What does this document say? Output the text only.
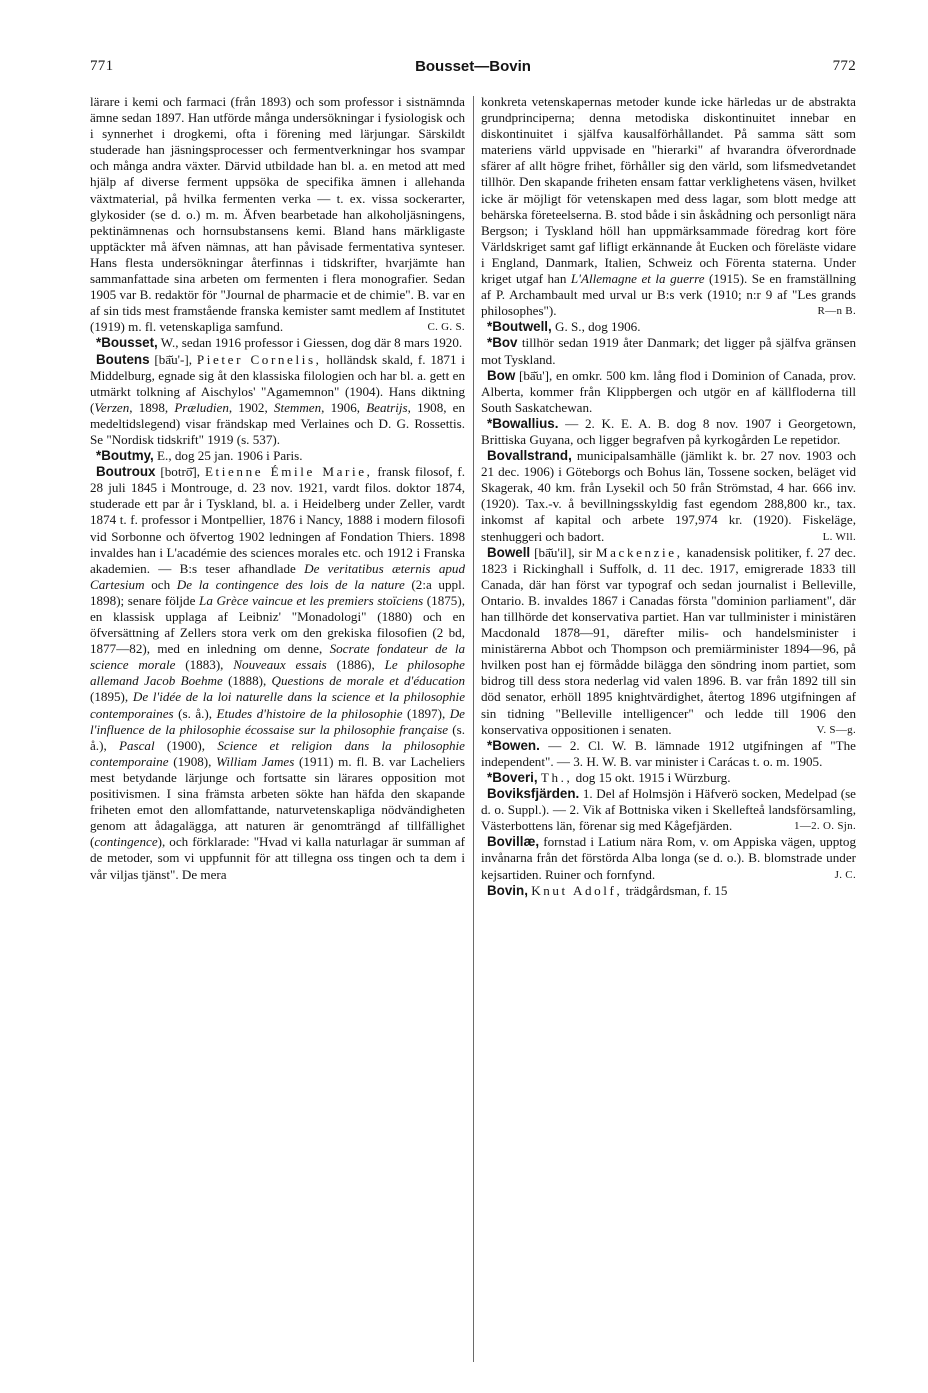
771	Bousset—Bovin	772

lärare i kemi och farmaci (från 1893) och som professor i sistnämnda ämne sedan 1897. Han utförde många undersökningar i fysiologisk och i synnerhet i drogkemi, ofta i förening med lärjungar. Särskildt studerade han jäsningsprocesser och fermentverkningar hos svampar och många andra växter. Därvid utbildade han bl. a. en metod att med hjälp af diverse ferment uppsöka de specifika ämnen i allehanda växtmaterial, på hvilka fermenten verka — t. ex. vissa sockerarter, glykosider (se d. o.) m. m. Äfven bearbetade han alkoholjäsningens, pektinämnenas och hornsubstansens kemi. Bland hans märkligaste upptäckter må äfven nämnas, att han påvisade fermentativa synteser. Hans flesta undersökningar återfinnas i tidskrifter, hvarjämte han sammanfattade sina arbeten om fermenten i flera monografier. Sedan 1905 var B. redaktör för "Journal de pharmacie et de chimie". B. var en af sin tids mest framstående franska kemister samt medlem af Institutet (1919) m. fl. vetenskapliga samfund.	C. G. S.

*Bousset, W., sedan 1916 professor i Giessen, dog där 8 mars 1920.

Boutens [bā̆u'-], Pieter Cornelis, holländsk skald, f. 1871 i Middelburg, egnade sig åt den klassiska filologien och har bl. a. gett en utmärkt tolkning af Aischylos' "Agamemnon" (1904). Hans diktning (Verzen, 1898, Præludien, 1902, Stemmen, 1906, Beatrijs, 1908, en medeltidslegend) visar frändskap med Verlaines och D. G. Rossettis. Se "Nordisk tidskrift" 1919 (s. 537).

*Boutmy, E., dog 25 jan. 1906 i Paris.

Boutroux [botrō̆], Etienne Émile Marie, fransk filosof, f. 28 juli 1845 i Montrouge, d. 23 nov. 1921, vardt filos. doktor 1874, studerade ett par år i Tyskland, bl. a. i Heidelberg under Zeller, vardt 1874 t. f. professor i Montpellier, 1876 i Nancy, 1888 i modern filosofi vid Sorbonne och öfvertog 1902 ledningen af Fondation Thiers. 1898 invaldes han i L'académie des sciences morales etc. och 1912 i Franska akademien. — B:s teser afhandlade De veritatibus æternis apud Cartesium och De la contingence des lois de la nature (2:a uppl. 1898); senare följde La Grèce vaincue et les premiers stoïciens (1875), en klassisk upplaga af Leibniz' "Monadologi" (1880) och en öfversättning af Zellers stora verk om den grekiska filosofien (2 bd, 1877—82), med en inledning om denne, Socrate fondateur de la science morale (1883), Nouveaux essais (1886), Le philosophe allemand Jacob Boehme (1888), Questions de morale et d'éducation (1895), De l'idée de la loi naturelle dans la science et la philosophie contemporaines (s. å.), Etudes d'histoire de la philosophie (1897), De l'influence de la philosophie écossaise sur la philosophie française (s. å.), Pascal (1900), Science et religion dans la philosophie contemporaine (1908), William James (1911) m. fl. B. var Lacheliers mest betydande lärjunge och fortsatte sin lärares opposition mot positivismen. I sina främsta arbeten sökte han häfda den skapande friheten emot den allomfattande, naturvetenskapliga nödvändigheten genom att ådagalägga, att naturen är genomträngd af tillfällighet (contingence), och förklarade: "Hvad vi kalla naturlagar är summan af de metoder, som vi uppfunnit för att tillegna oss tingen och ta dem i vår viljas tjänst". De mera

konkreta vetenskapernas metoder kunde icke härledas ur de abstrakta grundprinciperna; denna metodiska diskontinuitet innebar en diskontinuitet i själfva kausalförhållandet. På samma sätt som materiens värld uppvisade en "hierarki" af hvarandra öfverordnade sfärer af allt högre frihet, förhåller sig den värld, som lifsmedvetandet tillhör. Den skapande friheten ensam fattar verklighetens väsen, hvilket icke är möjligt för vetenskapen med dess lagar, som blott medge att behärska företeelserna. B. stod både i sin åskådning och personligt nära Bergson; i Tyskland höll han uppmärksammade föredrag kort före Världskriget samt gaf lifligt erkännande åt Eucken och föreläste vidare i England, Danmark, Italien, Schweiz och Förenta staterna. Under kriget utgaf han L'Allemagne et la guerre (1915). Se en framställning af P. Archambault med urval ur B:s verk (1910; n:r 9 af "Les grands philosophes").	R—n B.

*Boutwell, G. S., dog 1906.

*Bov tillhör sedan 1919 åter Danmark; det ligger på själfva gränsen mot Tyskland.

Bow [bā̆u'], en omkr. 500 km. lång flod i Dominion of Canada, prov. Alberta, kommer från Klippbergen och utgör en af källfloderna till South Saskatchewan.

*Bowallius. — 2. K. E. A. B. dog 8 nov. 1907 i Georgetown, Brittiska Guyana, och ligger begrafven på kyrkogården Le repetidor.

Bovallstrand, municipalsamhälle (jämlikt k. br. 27 nov. 1903 och 21 dec. 1906) i Göteborgs och Bohus län, Tossene socken, beläget vid Skagerak, 40 km. från Lysekil och 50 från Strömstad, 4 har. 666 inv. (1920). Tax.-v. å bevillningsskyldig fast egendom 288,800 kr., tax. inkomst af kapital och arbete 197,974 kr. (1920). Fiskeläge, stenhuggeri och badort.	L. Wll.

Bowell [bā̆u'il], sir Mackenzie, kanadensisk politiker, f. 27 dec. 1823 i Rickinghall i Suffolk, d. 11 dec. 1917, emigrerade 1833 till Canada, där han först var typograf och sedan journalist i Belleville, Ontario. B. invaldes 1867 i Canadas första "dominion parliament", där han tillhörde det konservativa partiet. Han var tullminister i ministären Macdonald 1878—91, därefter milis- och handelsminister i ministärerna Abbot och Thompson och premiärminister 1894—96, på hvilken post han ej förmådde bilägga den söndring inom partiet, som bidrog till dess stora nederlag vid valen 1896. B. var från 1892 till sin död senator, erhöll 1895 knightvärdighet, återtog 1896 utgifningen af sin tidning "Belleville intelligencer" och ledde till 1906 den konservativa oppositionen i senaten.	V. S—g.

*Bowen. — 2. Cl. W. B. lämnade 1912 utgifningen af "The independent". — 3. H. W. B. var minister i Carácas t. o. m. 1905.

*Boveri, Th., dog 15 okt. 1915 i Würzburg.

Boviksfjärden. 1. Del af Holmsjön i Häfverö socken, Medelpad (se d. o. Suppl.). — 2. Vik af Bottniska viken i Skellefteå landsförsamling, Västerbottens län, förenar sig med Kågefjärden.	1—2. O. Sjn.

Bovillæ, fornstad i Latium nära Rom, v. om Appiska vägen, upptog invånarna från det förstörda Alba longa (se d. o.). B. blomstrade under kejsartiden. Ruiner och fornfynd.	J. C.

Bovin, Knut Adolf, trädgårdsman, f. 15
